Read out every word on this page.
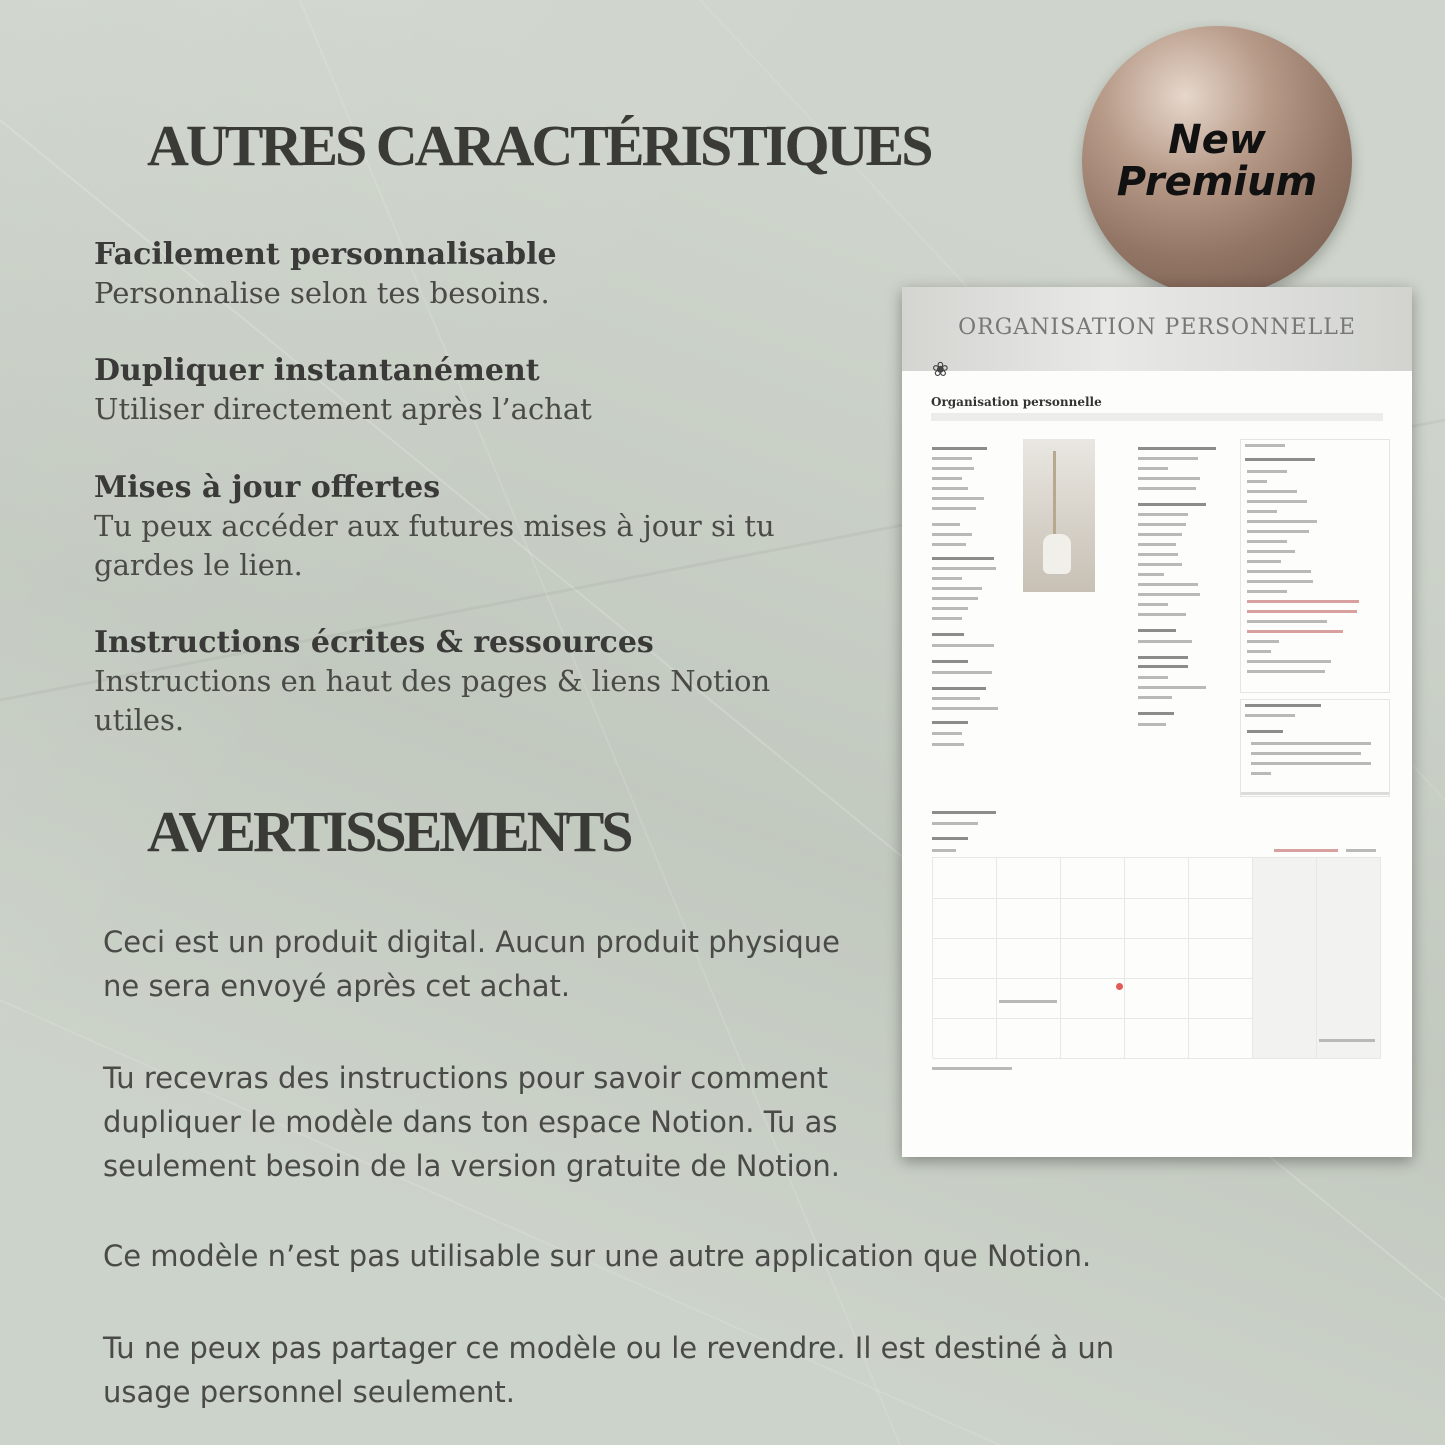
AUTRES CARACTÉRISTIQUES
Facilement personnalisable
Personnalise selon tes besoins.
Dupliquer instantanément
Utiliser directement après l’achat
Mises à jour offertes
Tu peux accéder aux futures mises à jour si tu gardes le lien.
Instructions écrites & ressources
Instructions en haut des pages & liens Notion utiles.
AVERTISSEMENTS
Ceci est un produit digital. Aucun produit physique ne sera envoyé après cet achat.
Tu recevras des instructions pour savoir comment dupliquer le modèle dans ton espace Notion. Tu as seulement besoin de la version gratuite de Notion.
Ce modèle n’est pas utilisable sur une autre application que Notion.
Tu ne peux pas partager ce modèle ou le revendre. Il est destiné à un usage personnel seulement.
New
Premium
ORGANISATION PERSONNELLE
❀
Organisation personnelle
